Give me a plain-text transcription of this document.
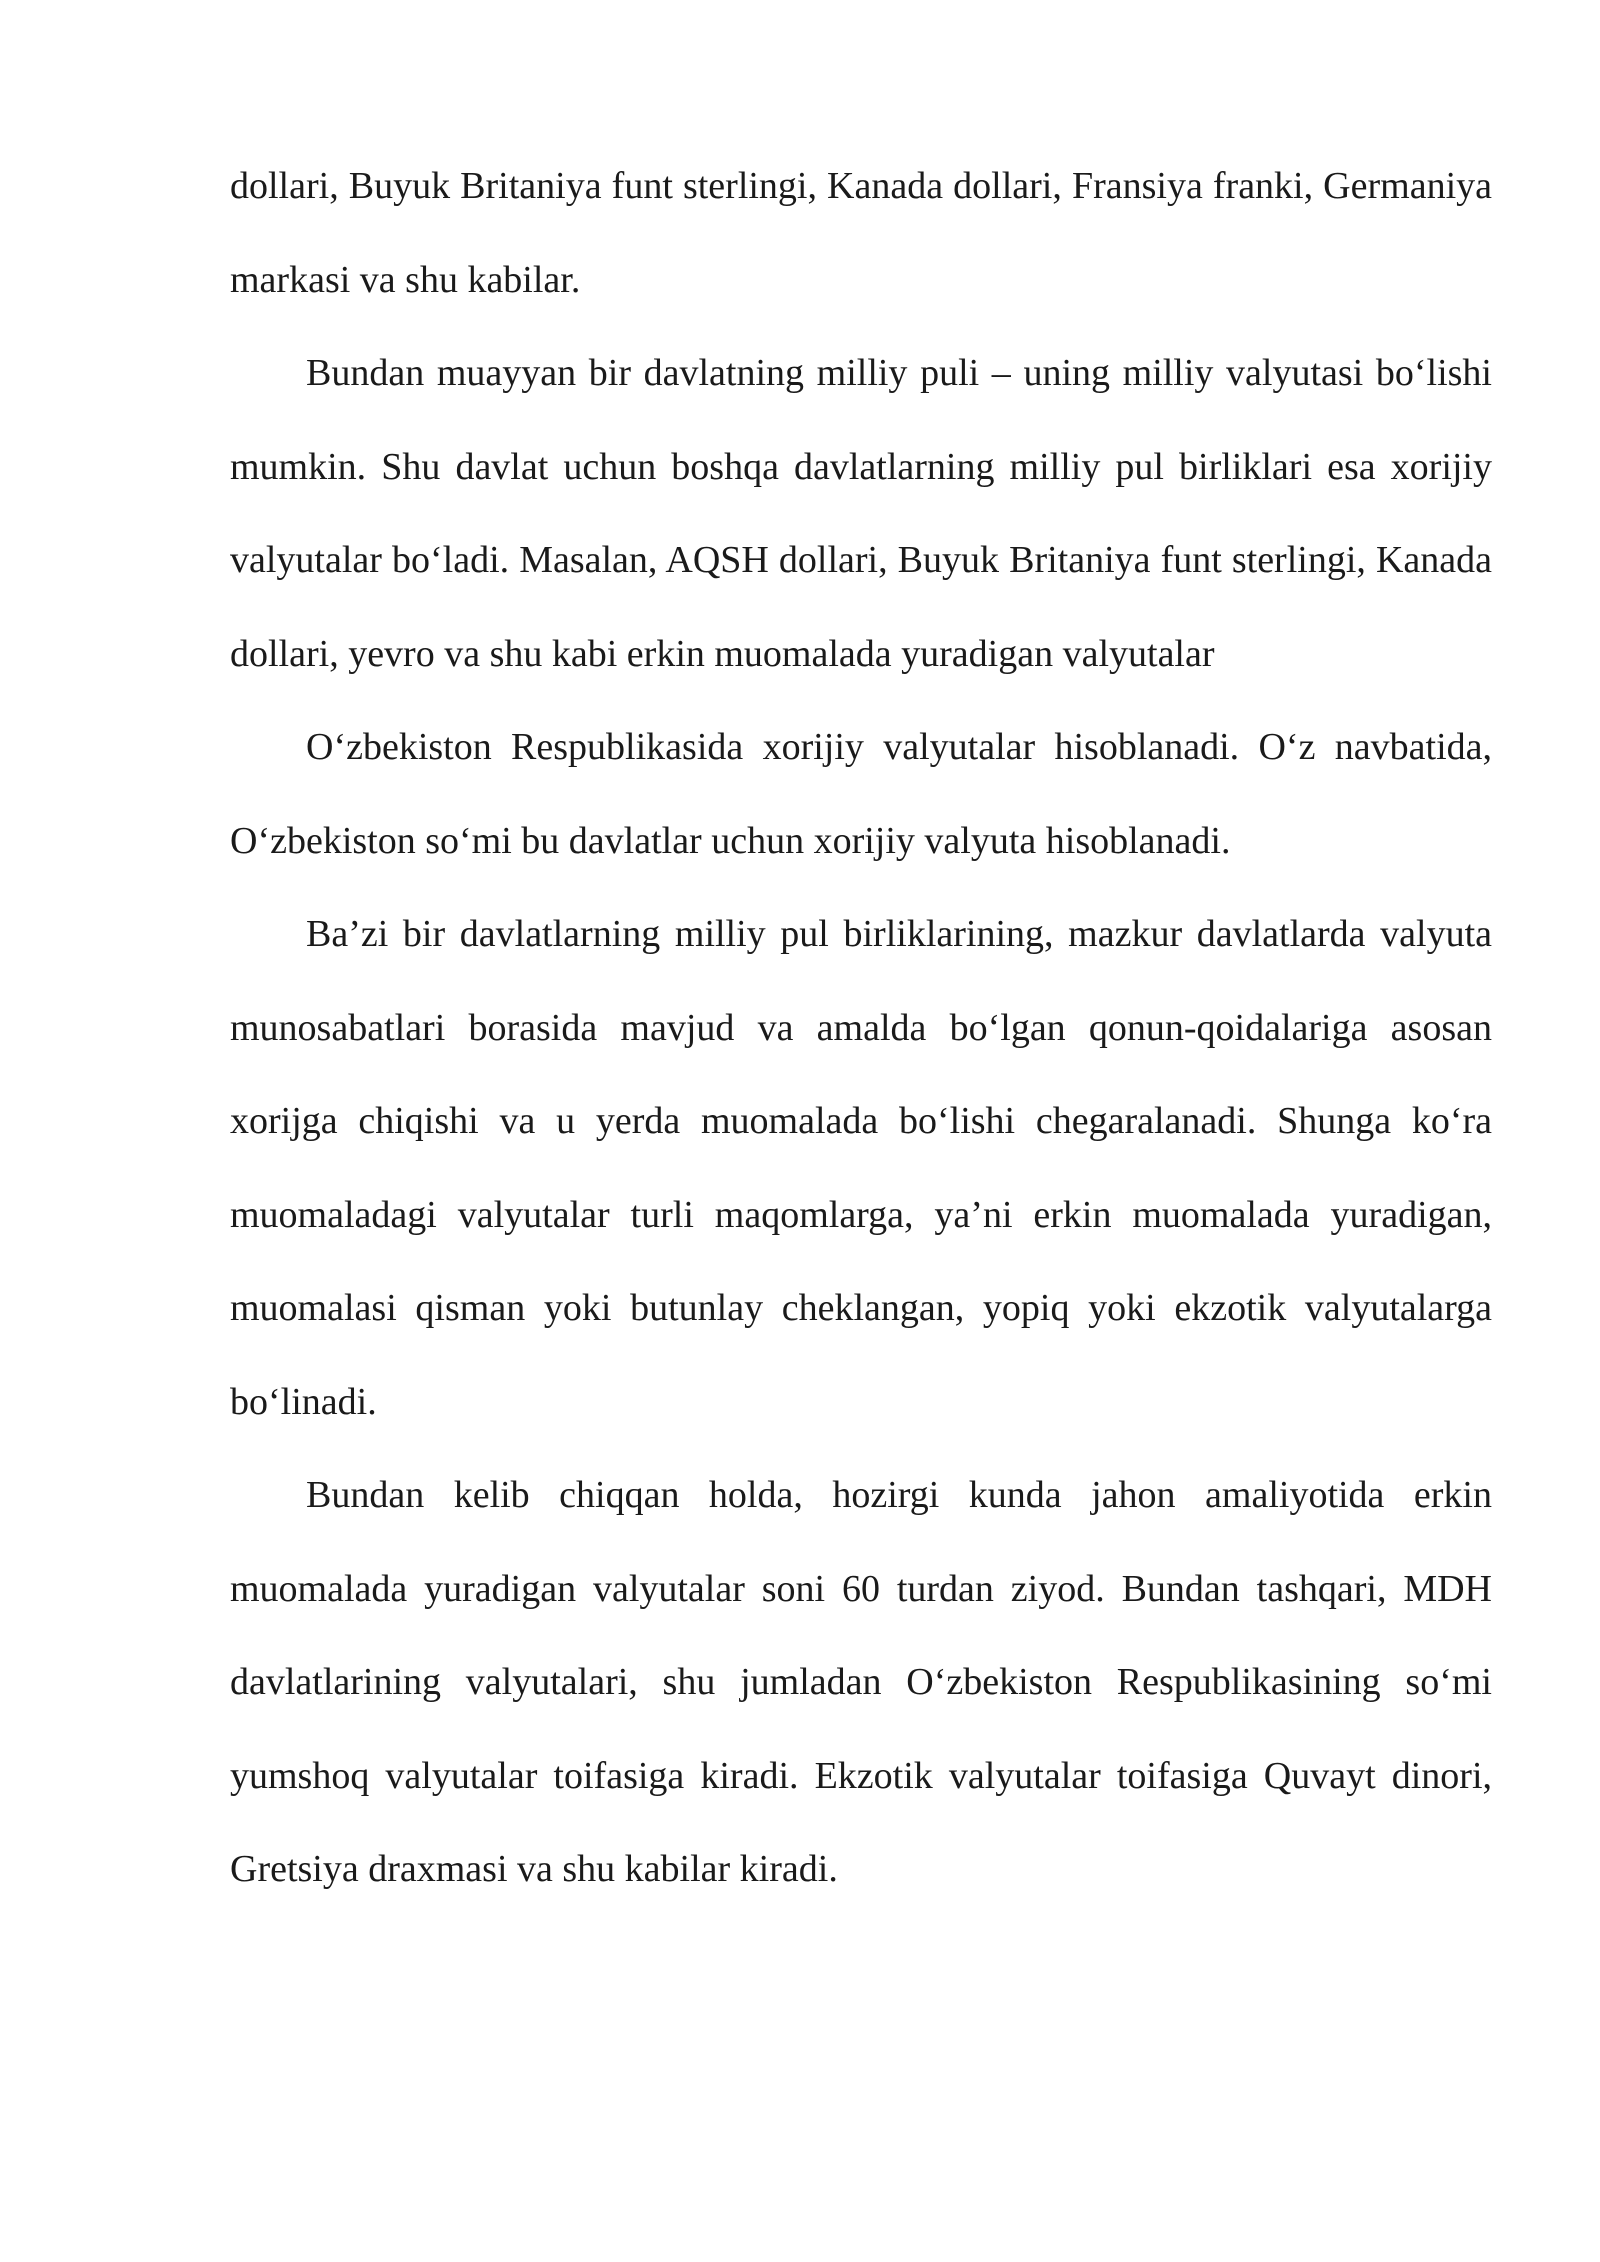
dollari, Buyuk Britaniya funt sterlingi, Kanada dollari, Fransiya franki, Germaniya markasi va shu kabilar.

Bundan muayyan bir davlatning milliy puli – uning milliy valyutasi bo‘lishi mumkin. Shu davlat uchun boshqa davlatlarning milliy pul birliklari esa xorijiy valyutalar bo‘ladi. Masalan, AQSH dollari, Buyuk Britaniya funt sterlingi, Kanada dollari, yevro va shu kabi erkin muomalada yuradigan valyutalar

O‘zbekiston Respublikasida xorijiy valyutalar hisoblanadi. O‘z navbatida, O‘zbekiston so‘mi bu davlatlar uchun xorijiy valyuta hisoblanadi.

Ba’zi bir davlatlarning milliy pul birliklarining, mazkur davlatlarda valyuta munosabatlari borasida mavjud va amalda bo‘lgan qonun-qoidalariga asosan xorijga chiqishi va u yerda muomalada bo‘lishi chegaralanadi. Shunga ko‘ra muomaladagi valyutalar turli maqomlarga, ya’ni erkin muomalada yuradigan, muomalasi qisman yoki butunlay cheklangan, yopiq yoki ekzotik valyutalarga bo‘linadi.

Bundan kelib chiqqan holda, hozirgi kunda jahon amaliyotida erkin muomalada yuradigan valyutalar soni 60 turdan ziyod. Bundan tashqari, MDH davlatlarining valyutalari, shu jumladan O‘zbekiston Respublikasining so‘mi yumshoq valyutalar toifasiga kiradi. Ekzotik valyutalar toifasiga Quvayt dinori, Gretsiya draxmasi va shu kabilar kiradi.
